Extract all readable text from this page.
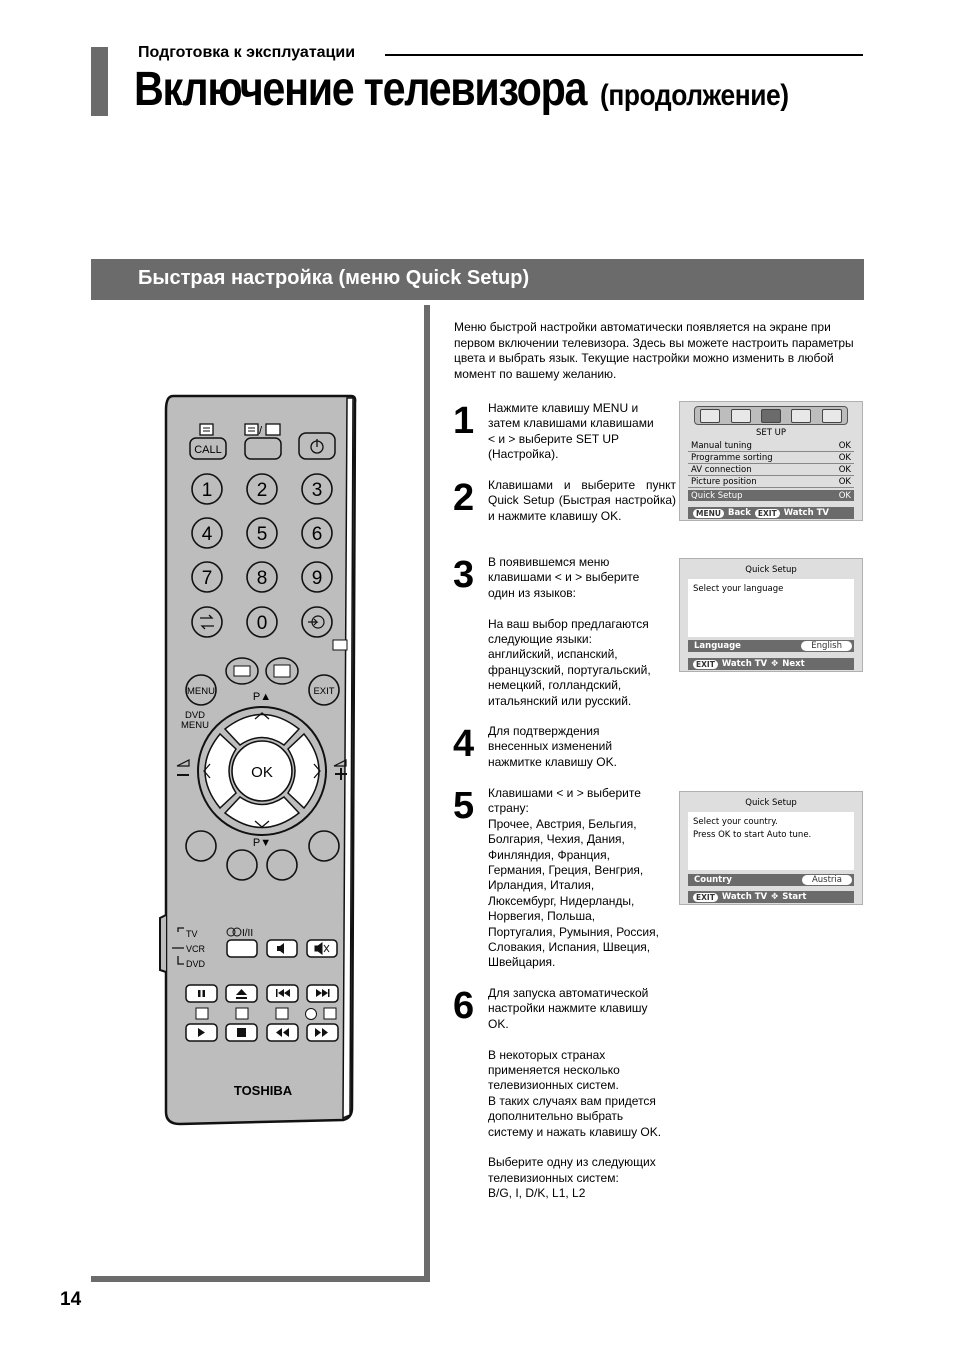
Подготовка к эксплуатации
Включение телевизора (продолжение)
Быстрая настройка (меню Quick Setup)
/
CALL
1 2 3
4 5 6
7 8 9
0
MENU	EXIT
DVD
MENU
P▲
P▼
OK
TV
VCR
DVD
I/II
TOSHIBA
Меню быстрой настройки автоматически появляется на экране при первом включении телевизора. Здесь вы можете настроить параметры цвета и выбрать язык. Текущие настройки можно изменить в любой момент по вашему желанию.
1 Нажмите клавишу MENU и
затем клавишами клавишами
< и > выберите SET UP
(Настройка).

2 Клавишами и выберите пункт Quick Setup (Быстрая настройка) и нажмите клавишу OK.

3 В появившемся меню
клавишами < и > выберите
один из языков:

На ваш выбор предлагаются
следующие языки:
английский, испанский,
французский, португальский,
немецкий, голландский,
итальянский или русский.

4 Для подтверждения
внесенных изменений
нажмитке клавишу OK.

5 Клавишами < и > выберите
страну:
Прочее, Австрия, Бельгия,
Болгария, Чехия, Дания,
Финляндия, Франция,
Германия, Греция, Венгрия,
Ирландия, Италия,
Люксембург, Нидерланды,
Норвегия, Польша,
Португалия, Румыния, Россия,
Словакия, Испания, Швеция,
Швейцария.

6 Для запуска автоматической
настройки нажмите клавишу
OK.

В некоторых странах
применяется несколько
телевизионных систем.
В таких случаях вам придется
дополнительно выбрать
систему и нажать клавишу OK.

Выберите одну из следующих
телевизионных систем:
B/G, I, D/K, L1, L2

SET UP
Manual tuning	OK
Programme sorting	OK
AV connection	OK
Picture position	OK
Quick Setup	OK
MENU Back EXIT Watch TV
Quick Setup
Select your language
Language	English
EXIT Watch TV ✥ Next
Quick Setup
Select your country.
Press OK to start Auto tune.
Country	Austria
EXIT Watch TV ✥ Start
14
